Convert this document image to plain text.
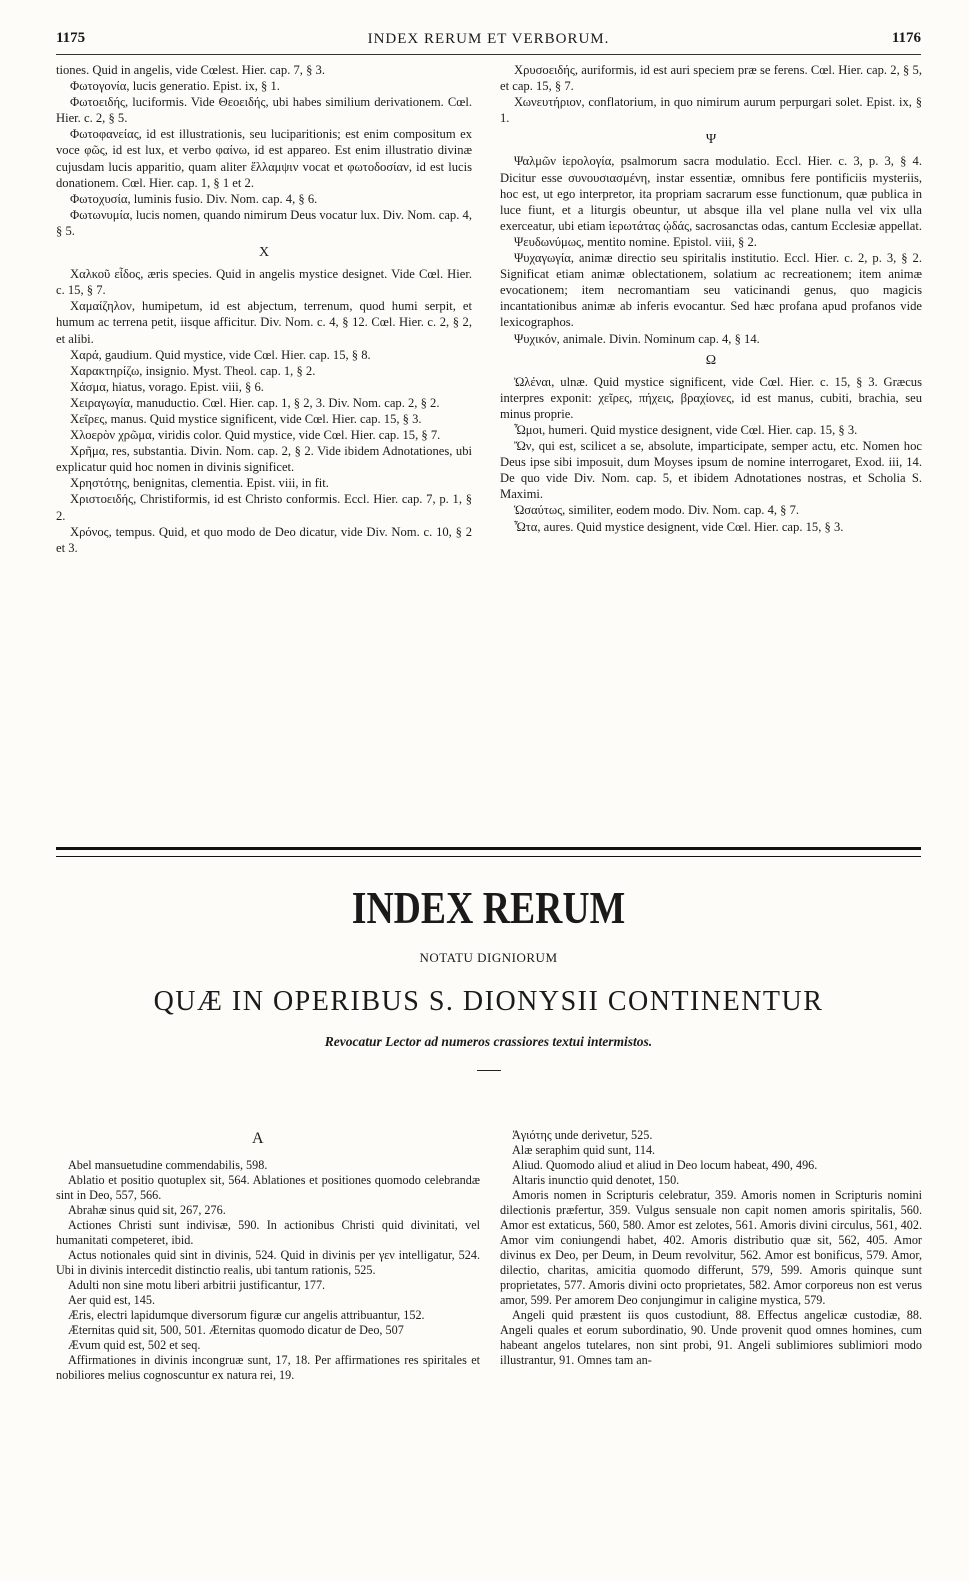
1175	INDEX RERUM ET VERBORUM.	1176

tiones. Quid in angelis, vide Cœlest. Hier. cap. 7, § 3.

Φωτογονία, lucis generatio. Epist. ix, § 1.

Φωτοειδής, luciformis. Vide Θεοειδής, ubi habes similium derivationem. Cœl. Hier. c. 2, § 5.

Φωτοφανείας, id est illustrationis, seu luciparitionis; est enim compositum ex voce φῶς, id est lux, et verbo φαίνω, id est appareo. Est enim illustratio divinæ cujusdam lucis apparitio, quam aliter ἔλλαμψιν vocat et φωτοδοσίαν, id est lucis donationem. Cœl. Hier. cap. 1, § 1 et 2.

Φωτοχυσία, luminis fusio. Div. Nom. cap. 4, § 6.

Φωτωνυμία, lucis nomen, quando nimirum Deus vocatur lux. Div. Nom. cap. 4, § 5.

X

Χαλκοῦ εἶδος, æris species. Quid in angelis mystice designet. Vide Cœl. Hier. c. 15, § 7.

Χαμαίζηλον, humipetum, id est abjectum, terrenum, quod humi serpit, et humum ac terrena petit, iisque afficitur. Div. Nom. c. 4, § 12. Cœl. Hier. c. 2, § 2, et alibi.

Χαρά, gaudium. Quid mystice, vide Cœl. Hier. cap. 15, § 8.

Χαρακτηρίζω, insignio. Myst. Theol. cap. 1, § 2.

Χάσμα, hiatus, vorago. Epist. viii, § 6.

Χειραγωγία, manuductio. Cœl. Hier. cap. 1, § 2, 3. Div. Nom. cap. 2, § 2.

Χεῖρες, manus. Quid mystice significent, vide Cœl. Hier. cap. 15, § 3.

Χλοερὸν χρῶμα, viridis color. Quid mystice, vide Cœl. Hier. cap. 15, § 7.

Χρῆμα, res, substantia. Divin. Nom. cap. 2, § 2. Vide ibidem Adnotationes, ubi explicatur quid hoc nomen in divinis significet.

Χρηστότης, benignitas, clementia. Epist. viii, in fit.

Χριστοειδής, Christiformis, id est Christo conformis. Eccl. Hier. cap. 7, p. 1, § 2.

Χρόνος, tempus. Quid, et quo modo de Deo dicatur, vide Div. Nom. c. 10, § 2 et 3.

Χρυσοειδής, auriformis, id est auri speciem præ se ferens. Cœl. Hier. cap. 2, § 5, et cap. 15, § 7.

Χωνευτήριον, conflatorium, in quo nimirum aurum perpurgari solet. Epist. ix, § 1.

Ψ

Ψαλμῶν ἱερολογία, psalmorum sacra modulatio. Eccl. Hier. c. 3, p. 3, § 4. Dicitur esse συνουσιασμένη, instar essentiæ, omnibus fere pontificiis mysteriis, hoc est, ut ego interpretor, ita propriam sacrarum esse functionum, quæ publica in luce fiunt, et a liturgis obeuntur, ut absque illa vel plane nulla vel vix ulla exerceatur, ubi etiam ἱερωτάτας ᾠδάς, sacrosanctas odas, cantum Ecclesiæ appellat.

Ψευδωνύμως, mentito nomine. Epistol. viii, § 2.

Ψυχαγωγία, animæ directio seu spiritalis institutio. Eccl. Hier. c. 2, p. 3, § 2. Significat etiam animæ oblectationem, solatium ac recreationem; item animæ evocationem; item necromantiam seu vaticinandi genus, quo magicis incantationibus animæ ab inferis evocantur. Sed hæc profana apud profanos vide lexicographos.

Ψυχικόν, animale. Divin. Nominum cap. 4, § 14.

Ω

Ὠλέναι, ulnæ. Quid mystice significent, vide Cœl. Hier. c. 15, § 3. Græcus interpres exponit: χεῖρες, πήχεις, βραχίονες, id est manus, cubiti, brachia, seu minus proprie.

Ὦμοι, humeri. Quid mystice designent, vide Cœl. Hier. cap. 15, § 3.

Ὤν, qui est, scilicet a se, absolute, imparticipate, semper actu, etc. Nomen hoc Deus ipse sibi imposuit, dum Moyses ipsum de nomine interrogaret, Exod. iii, 14. De quo vide Div. Nom. cap. 5, et ibidem Adnotationes nostras, et Scholia S. Maximi.

Ὡσαύτως, similiter, eodem modo. Div. Nom. cap. 4, § 7.

Ὦτα, aures. Quid mystice designent, vide Cœl. Hier. cap. 15, § 3.

INDEX RERUM
NOTATU DIGNIORUM
QUÆ IN OPERIBUS S. DIONYSII CONTINENTUR
Revocatur Lector ad numeros crassiores textui intermistos.
A

Abel mansuetudine commendabilis, 598.

Ablatio et positio quotuplex sit, 564. Ablationes et positiones quomodo celebrandæ sint in Deo, 557, 566.

Abrahæ sinus quid sit, 267, 276.

Actiones Christi sunt indivisæ, 590. In actionibus Christi quid divinitati, vel humanitati competeret, ibid.

Actus notionales quid sint in divinis, 524. Quid in divinis per γεν intelligatur, 524. Ubi in divinis intercedit distinctio realis, ubi tantum rationis, 525.

Adulti non sine motu liberi arbitrii justificantur, 177.

Aer quid est, 145.

Æris, electri lapidumque diversorum figuræ cur angelis attribuantur, 152.

Æternitas quid sit, 500, 501. Æternitas quomodo dicatur de Deo, 507

Ævum quid est, 502 et seq.

Affirmationes in divinis incongruæ sunt, 17, 18. Per affirmationes res spiritales et nobiliores melius cognoscuntur ex natura rei, 19.

Ἁγιότης unde derivetur, 525.

Alæ seraphim quid sunt, 114.

Aliud. Quomodo aliud et aliud in Deo locum habeat, 490, 496.

Altaris inunctio quid denotet, 150.

Amoris nomen in Scripturis celebratur, 359. Amoris nomen in Scripturis nomini dilectionis præfertur, 359. Vulgus sensuale non capit nomen amoris spiritalis, 560. Amor est extaticus, 560, 580. Amor est zelotes, 561. Amoris divini circulus, 561, 402. Amor vim coniungendi habet, 402. Amoris distributio quæ sit, 562, 405. Amor divinus ex Deo, per Deum, in Deum revolvitur, 562. Amor est bonificus, 579. Amor, dilectio, charitas, amicitia quomodo differunt, 579, 599. Amoris quinque sunt proprietates, 577. Amoris divini octo proprietates, 582. Amor corporeus non est verus amor, 599. Per amorem Deo conjungimur in caligine mystica, 579.

Angeli quid præstent iis quos custodiunt, 88. Effectus angelicæ custodiæ, 88. Angeli quales et eorum subordinatio, 90. Unde provenit quod omnes homines, cum habeant angelos tutelares, non sint probi, 91. Angeli sublimiores sublimiori modo illustrantur, 91. Omnes tam an-
